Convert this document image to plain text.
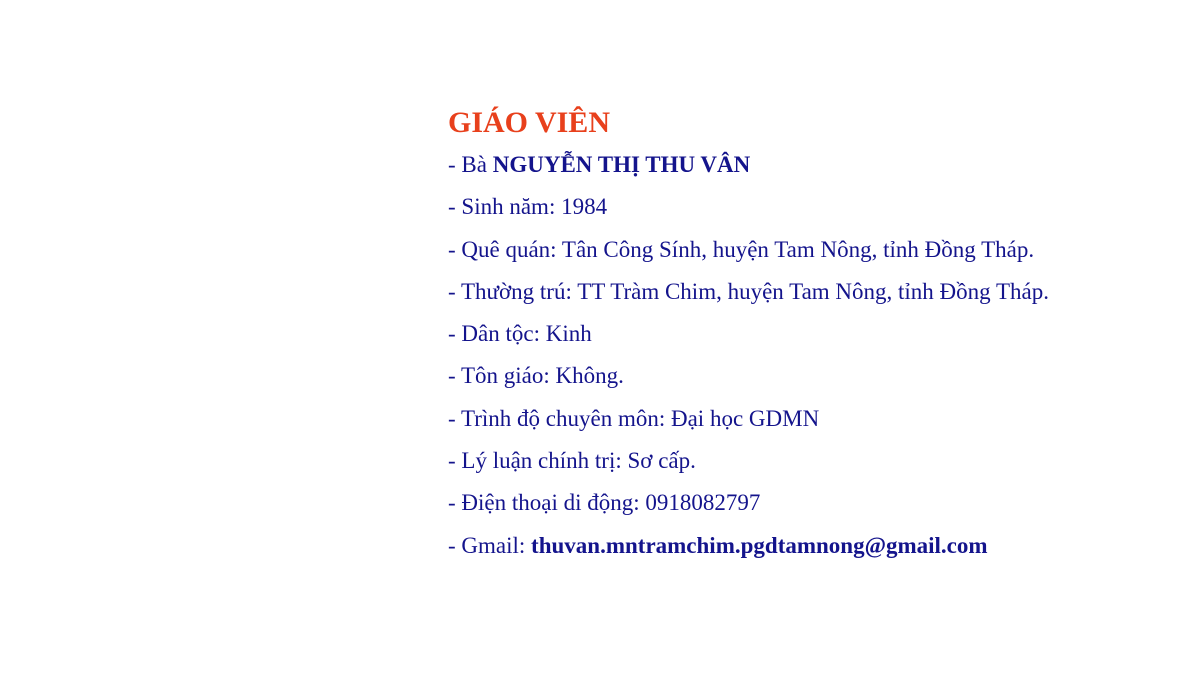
GIÁO VIÊN
- Bà NGUYỄN THỊ THU VÂN
- Sinh năm: 1984
- Quê quán: Tân Công Sính, huyện Tam Nông, tỉnh Đồng Tháp.
- Thường trú: TT Tràm Chim, huyện Tam Nông, tỉnh Đồng Tháp.
- Dân tộc: Kinh
- Tôn giáo: Không.
- Trình độ chuyên môn: Đại học GDMN
- Lý luận chính trị: Sơ cấp.
- Điện thoại di động: 0918082797
- Gmail: thuvan.mntramchim.pgdtamnong@gmail.com
